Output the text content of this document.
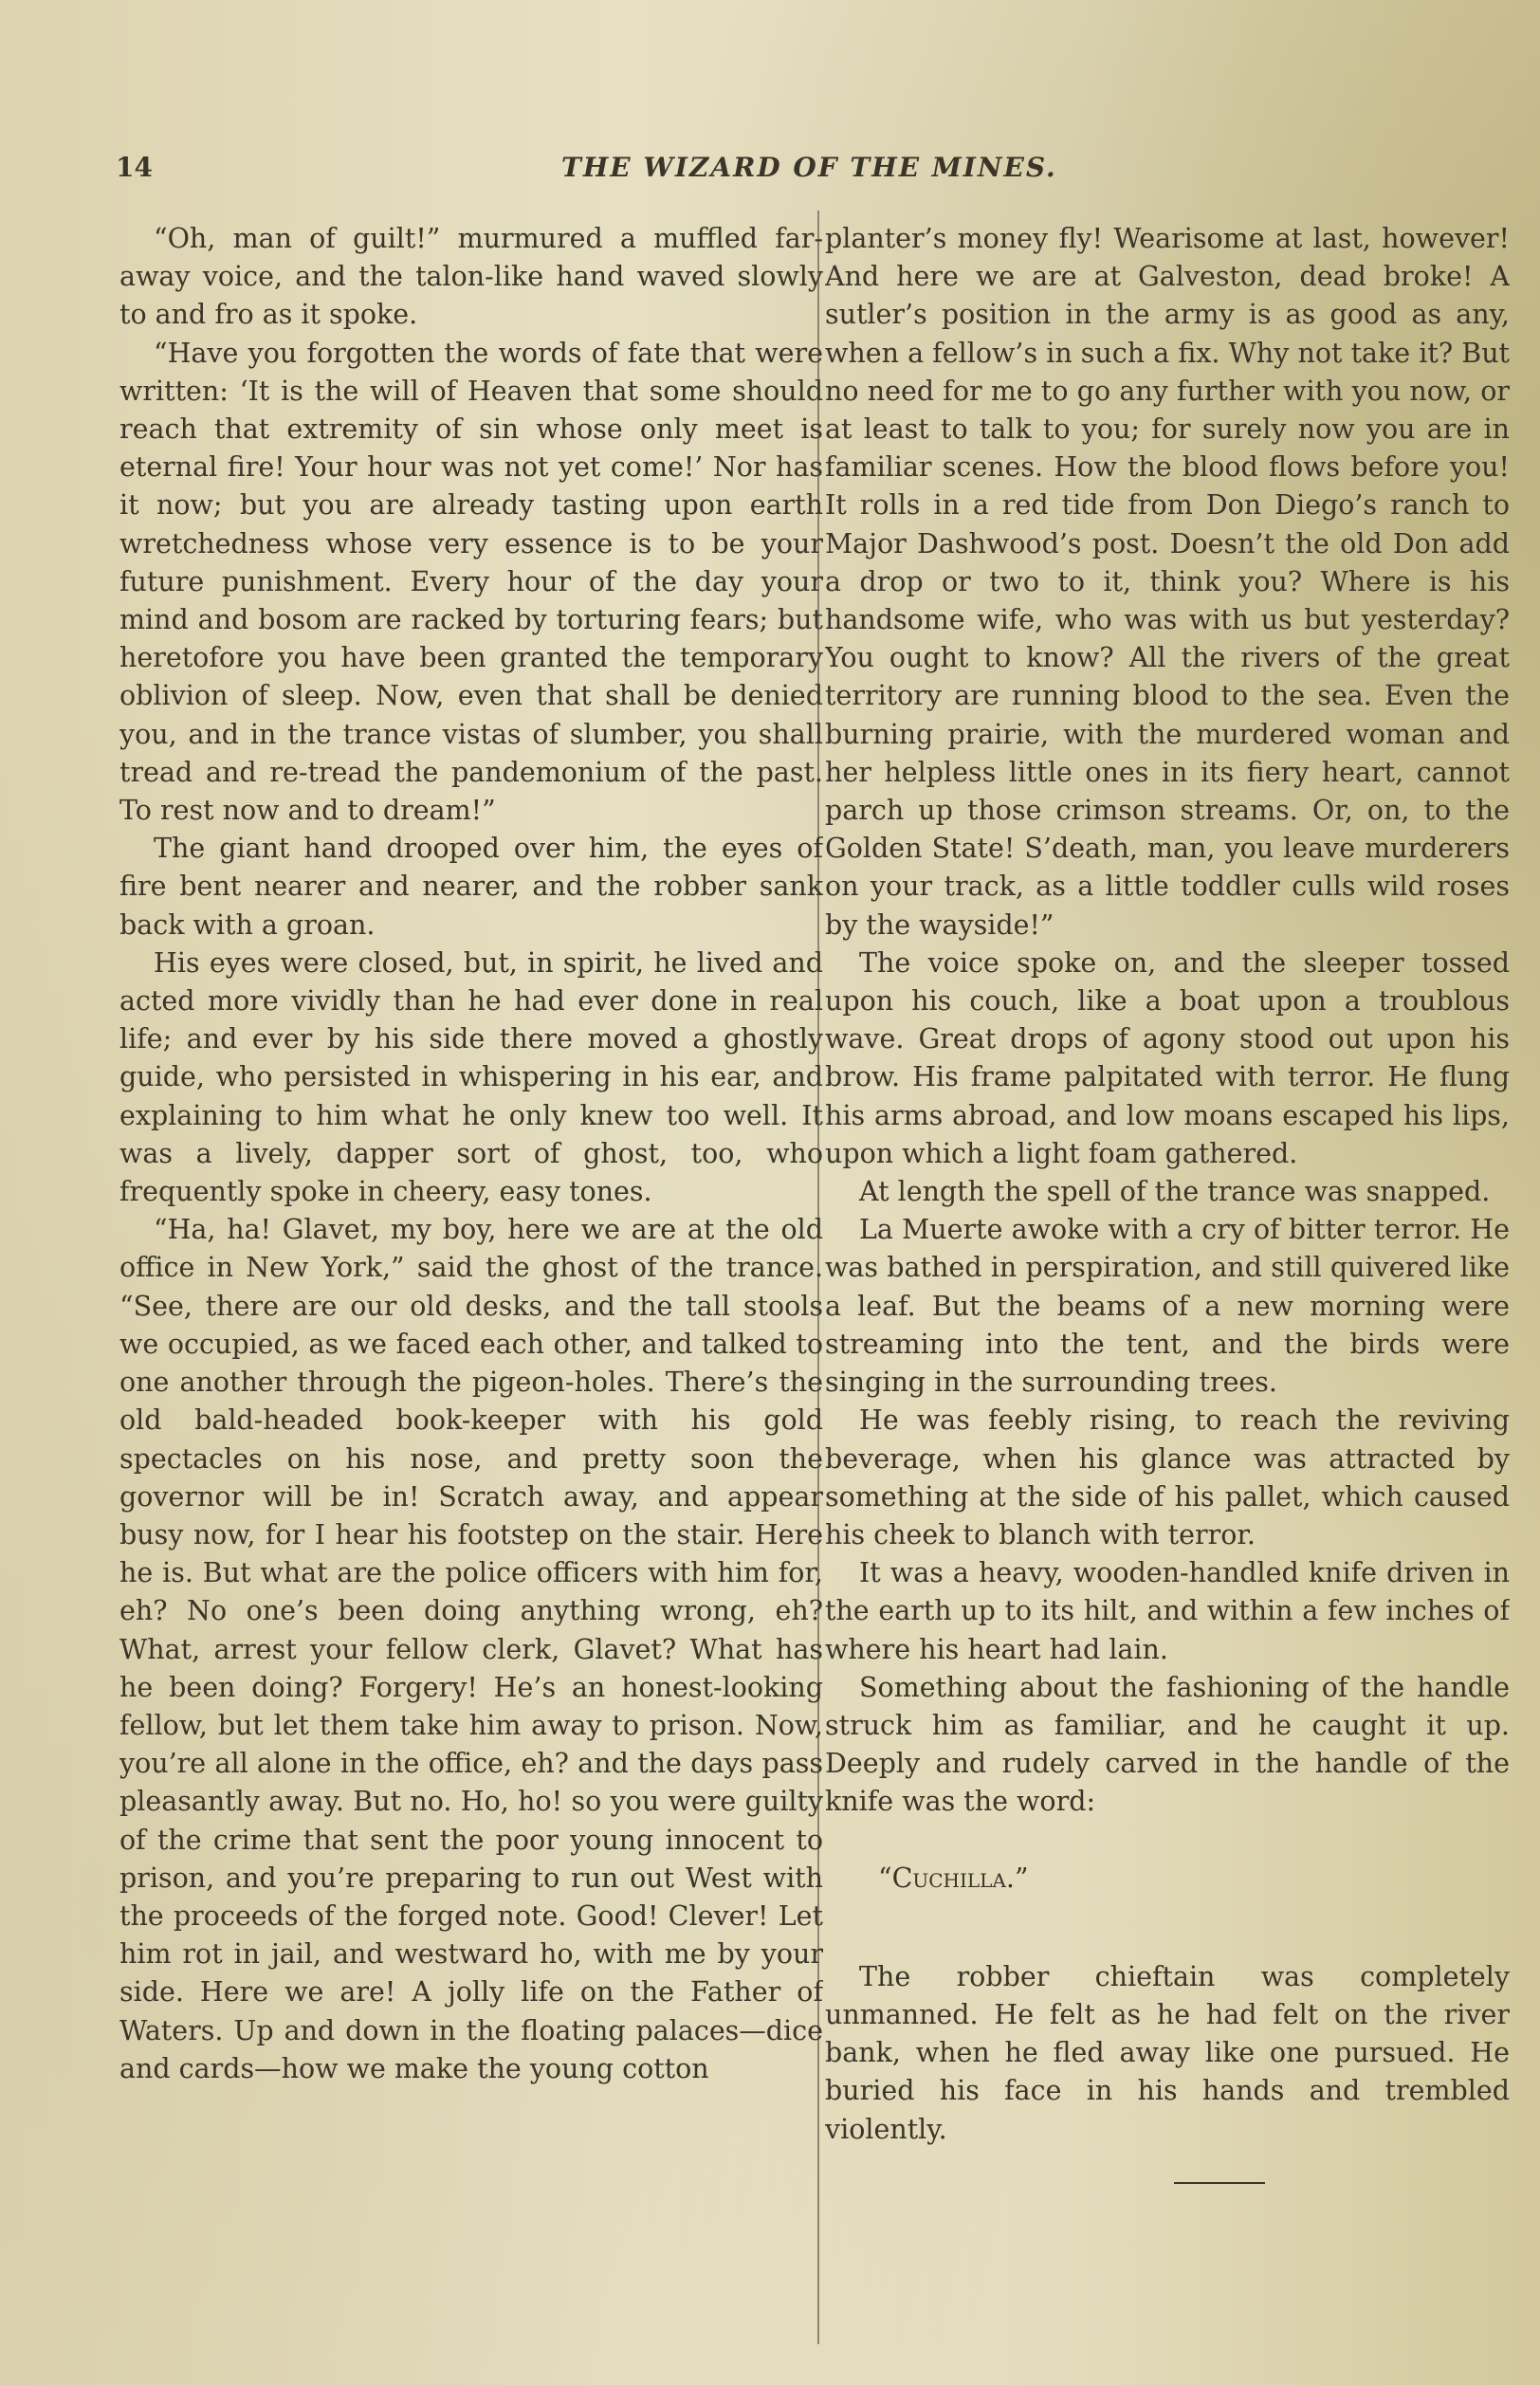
14	THE WIZARD OF THE MINES.

“Oh, man of guilt!” murmured a muffled far-away voice, and the talon-like hand waved slowly to and fro as it spoke.

“Have you forgotten the words of fate that were written: ‘It is the will of Heaven that some should reach that extremity of sin whose only meet is eternal fire! Your hour was not yet come!’ Nor has it now; but you are already tasting upon earth wretchedness whose very essence is to be your future punishment. Every hour of the day your mind and bosom are racked by torturing fears; but heretofore you have been granted the temporary oblivion of sleep. Now, even that shall be denied you, and in the trance vistas of slumber, you shall tread and re-tread the pandemonium of the past. To rest now and to dream!”

The giant hand drooped over him, the eyes of fire bent nearer and nearer, and the robber sank back with a groan.

His eyes were closed, but, in spirit, he lived and acted more vividly than he had ever done in real life; and ever by his side there moved a ghostly guide, who persisted in whispering in his ear, and explaining to him what he only knew too well. It was a lively, dapper sort of ghost, too, who frequently spoke in cheery, easy tones.

“Ha, ha! Glavet, my boy, here we are at the old office in New York,” said the ghost of the trance. “See, there are our old desks, and the tall stools we occupied, as we faced each other, and talked to one another through the pigeon-holes. There’s the old bald-headed book-keeper with his gold spectacles on his nose, and pretty soon the governor will be in! Scratch away, and appear busy now, for I hear his footstep on the stair. Here he is. But what are the police officers with him for, eh? No one’s been doing anything wrong, eh? What, arrest your fellow clerk, Glavet? What has he been doing? Forgery! He’s an honest-looking fellow, but let them take him away to prison. Now, you’re all alone in the office, eh? and the days pass pleasantly away. But no. Ho, ho! so you were guilty of the crime that sent the poor young innocent to prison, and you’re preparing to run out West with the proceeds of the forged note. Good! Clever! Let him rot in jail, and westward ho, with me by your side. Here we are! A jolly life on the Father of Waters. Up and down in the floating palaces—dice and cards—how we make the young cotton

planter’s money fly! Wearisome at last, however! And here we are at Galveston, dead broke! A sutler’s position in the army is as good as any, when a fellow’s in such a fix. Why not take it? But no need for me to go any further with you now, or at least to talk to you; for surely now you are in familiar scenes. How the blood flows before you! It rolls in a red tide from Don Diego’s ranch to Major Dashwood’s post. Doesn’t the old Don add a drop or two to it, think you? Where is his handsome wife, who was with us but yesterday? You ought to know? All the rivers of the great territory are running blood to the sea. Even the burning prairie, with the murdered woman and her helpless little ones in its fiery heart, cannot parch up those crimson streams. Or, on, to the Golden State! S’death, man, you leave murderers on your track, as a little toddler culls wild roses by the wayside!”

The voice spoke on, and the sleeper tossed upon his couch, like a boat upon a troublous wave. Great drops of agony stood out upon his brow. His frame palpitated with terror. He flung his arms abroad, and low moans escaped his lips, upon which a light foam gathered.

At length the spell of the trance was snapped.

La Muerte awoke with a cry of bitter terror. He was bathed in perspiration, and still quivered like a leaf. But the beams of a new morning were streaming into the tent, and the birds were singing in the surrounding trees.

He was feebly rising, to reach the reviving beverage, when his glance was attracted by something at the side of his pallet, which caused his cheek to blanch with terror.

It was a heavy, wooden-handled knife driven in the earth up to its hilt, and within a few inches of where his heart had lain.

Something about the fashioning of the handle struck him as familiar, and he caught it up. Deeply and rudely carved in the handle of the knife was the word:

“Cuchilla.”

The robber chieftain was completely unmanned. He felt as he had felt on the river bank, when he fled away like one pursued. He buried his face in his hands and trembled violently.
